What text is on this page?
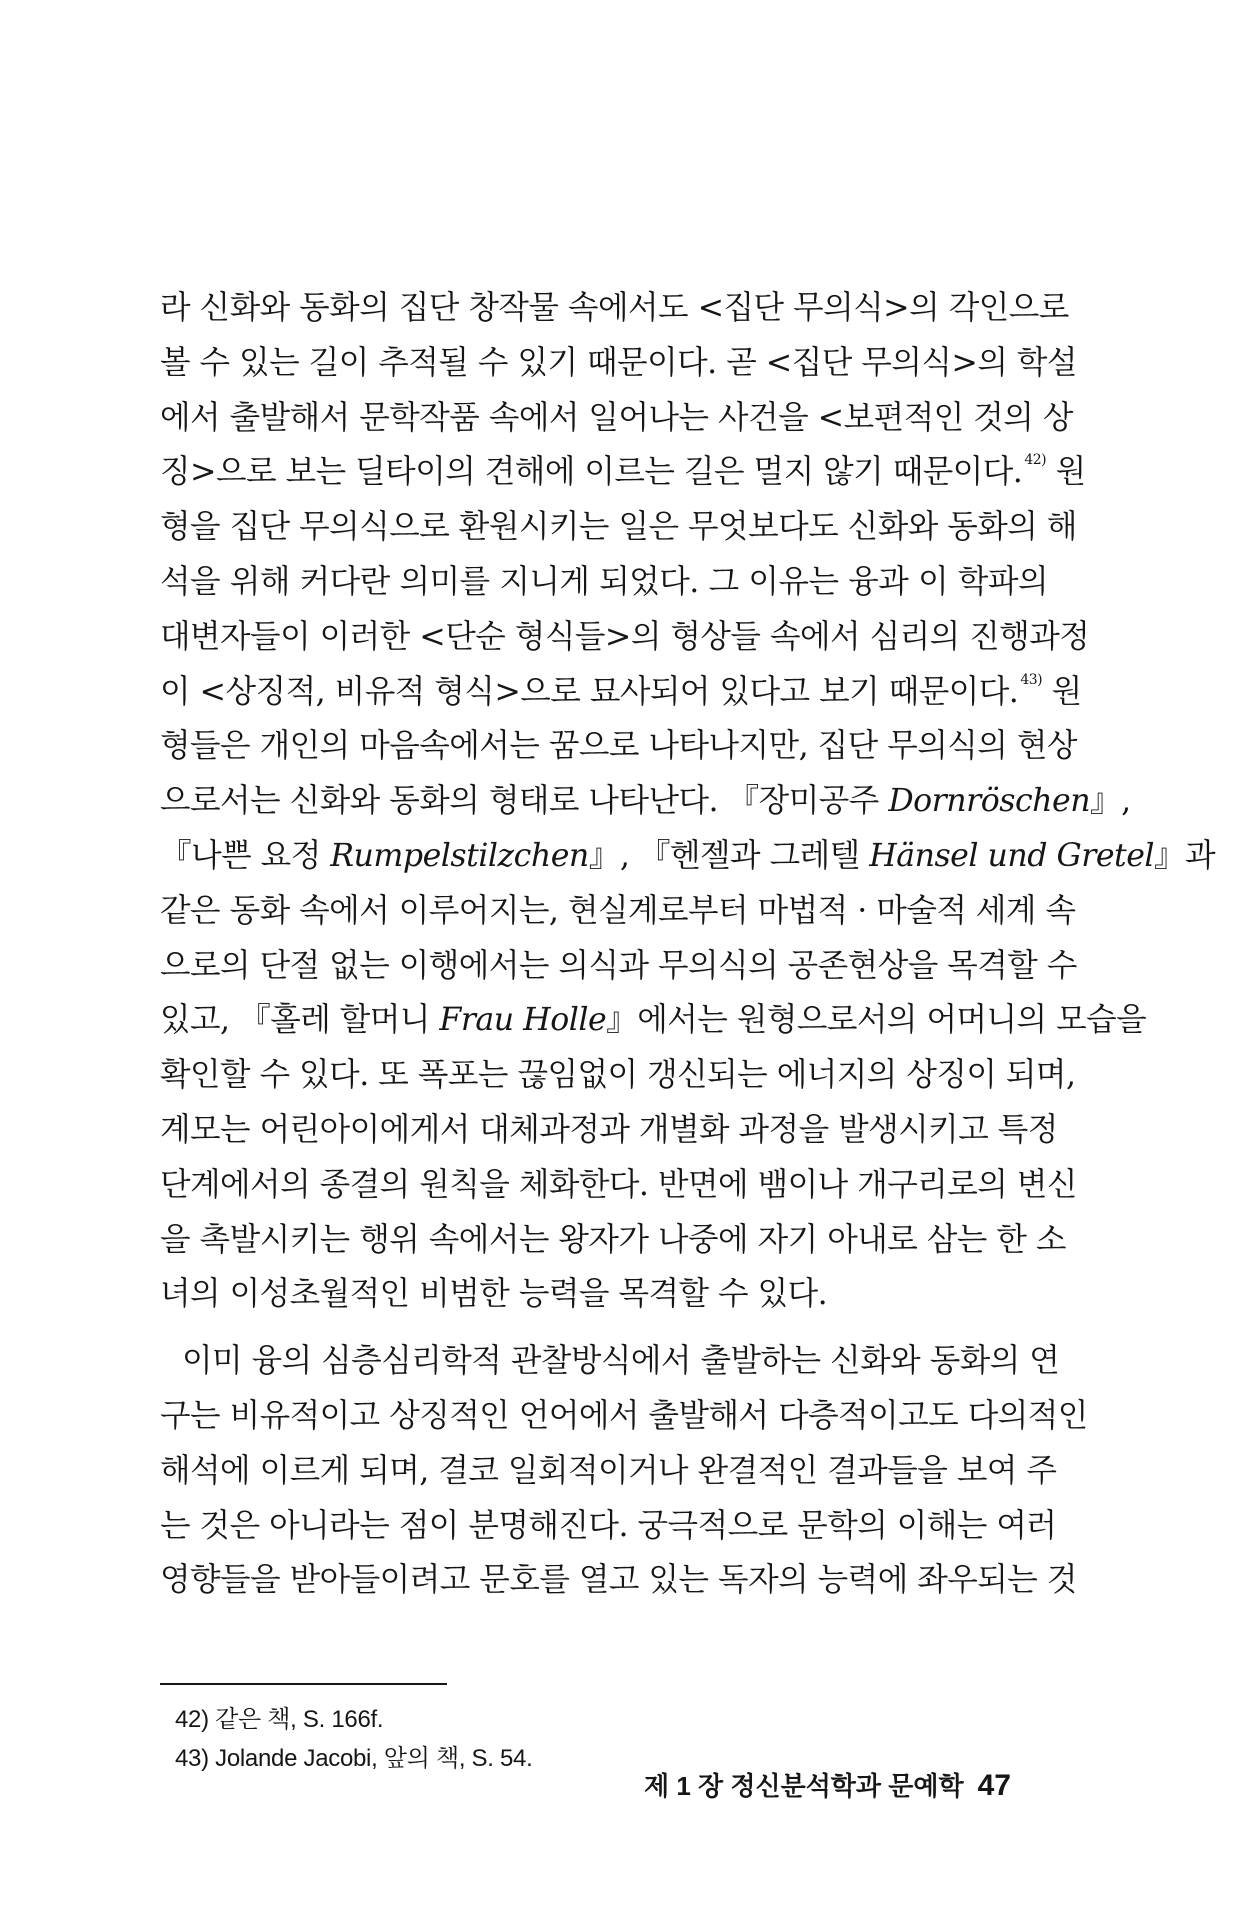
라 신화와 동화의 집단 창작물 속에서도 <집단 무의식>의 각인으로
볼 수 있는 길이 추적될 수 있기 때문이다. 곧 <집단 무의식>의 학설
에서 출발해서 문학작품 속에서 일어나는 사건을 <보편적인 것의 상
징>으로 보는 딜타이의 견해에 이르는 길은 멀지 않기 때문이다. $^{42)}$ 원
형을 집단 무의식으로 환원시키는 일은 무엇보다도 신화와 동화의 해
석을 위해 커다란 의미를 지니게 되었다. 그 이유는 융과 이 학파의
대변자들이 이러한 <단순 형식들>의 형상들 속에서 심리의 진행과정
이 <상징적, 비유적 형식>으로 묘사되어 있다고 보기 때문이다. $^{43)}$ 원
형들은 개인의 마음속에서는 꿈으로 나타나지만, 집단 무의식의 현상
으로서는 신화와 동화의 형태로 나타난다. 『장미공주 Dornröschen』,
『나쁜 요정 Rumpelstilzchen』, 『헨젤과 그레텔 Hänsel und Gretel』과
같은 동화 속에서 이루어지는, 현실계로부터 마법적 · 마술적 세계 속
으로의 단절 없는 이행에서는 의식과 무의식의 공존현상을 목격할 수
있고, 『홀레 할머니 Frau Holle』에서는 원형으로서의 어머니의 모습을
확인할 수 있다. 또 폭포는 끊임없이 갱신되는 에너지의 상징이 되며,
계모는 어린아이에게서 대체과정과 개별화 과정을 발생시키고 특정
단계에서의 종결의 원칙을 체화한다. 반면에 뱀이나 개구리로의 변신
을 촉발시키는 행위 속에서는 왕자가 나중에 자기 아내로 삼는 한 소
녀의 이성초월적인 비범한 능력을 목격할 수 있다.
이미 융의 심층심리학적 관찰방식에서 출발하는 신화와 동화의 연
구는 비유적이고 상징적인 언어에서 출발해서 다층적이고도 다의적인
해석에 이르게 되며, 결코 일회적이거나 완결적인 결과들을 보여 주
는 것은 아니라는 점이 분명해진다. 궁극적으로 문학의 이해는 여러
영향들을 받아들이려고 문호를 열고 있는 독자의 능력에 좌우되는 것
42) 같은 책, S. 166f.
43) Jolande Jacobi, 앞의 책, S. 54.
제 1 장 정신분석학과 문예학 47
